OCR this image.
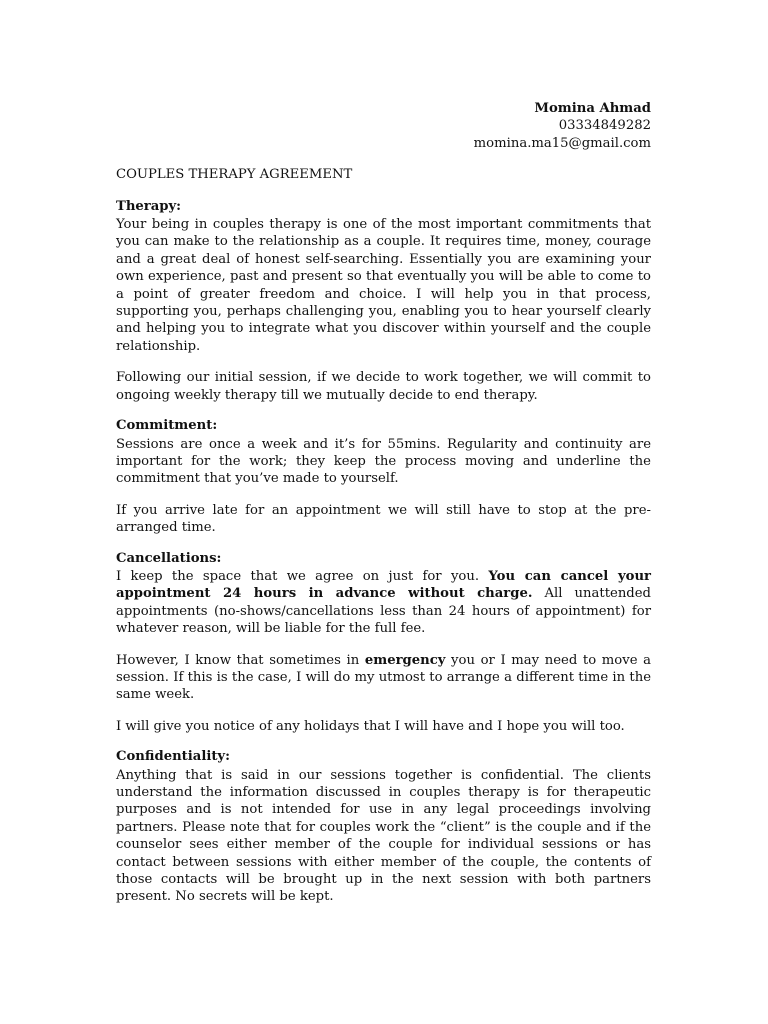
Momina Ahmad
03334849282
momina.ma15@gmail.com
COUPLES THERAPY AGREEMENT
Therapy:

Your being in couples therapy is one of the most important commitments that you can make to the relationship as a couple. It requires time, money, courage and a great deal of honest self-searching. Essentially you are examining your own experience, past and present so that eventually you will be able to come to a point of greater freedom and choice. I will help you in that process, supporting you, perhaps challenging you, enabling you to hear yourself clearly and helping you to integrate what you discover within yourself and the couple relationship.

Following our initial session, if we decide to work together, we will commit to ongoing weekly therapy till we mutually decide to end therapy.

Commitment:

Sessions are once a week and it’s for 55mins. Regularity and continuity are important for the work; they keep the process moving and underline the commitment that you’ve made to yourself.

If you arrive late for an appointment we will still have to stop at the pre-arranged time.

Cancellations:

I keep the space that we agree on just for you. You can cancel your appointment 24 hours in advance without charge. All unattended appointments (no-shows/cancellations less than 24 hours of appointment) for whatever reason, will be liable for the full fee.

However, I know that sometimes in emergency you or I may need to move a session. If this is the case, I will do my utmost to arrange a different time in the same week.

I will give you notice of any holidays that I will have and I hope you will too.

Confidentiality:

Anything that is said in our sessions together is confidential. The clients understand the information discussed in couples therapy is for therapeutic purposes and is not intended for use in any legal proceedings involving partners. Please note that for couples work the “client” is the couple and if the counselor sees either member of the couple for individual sessions or has contact between sessions with either member of the couple, the contents of those contacts will be brought up in the next session with both partners present. No secrets will be kept.
